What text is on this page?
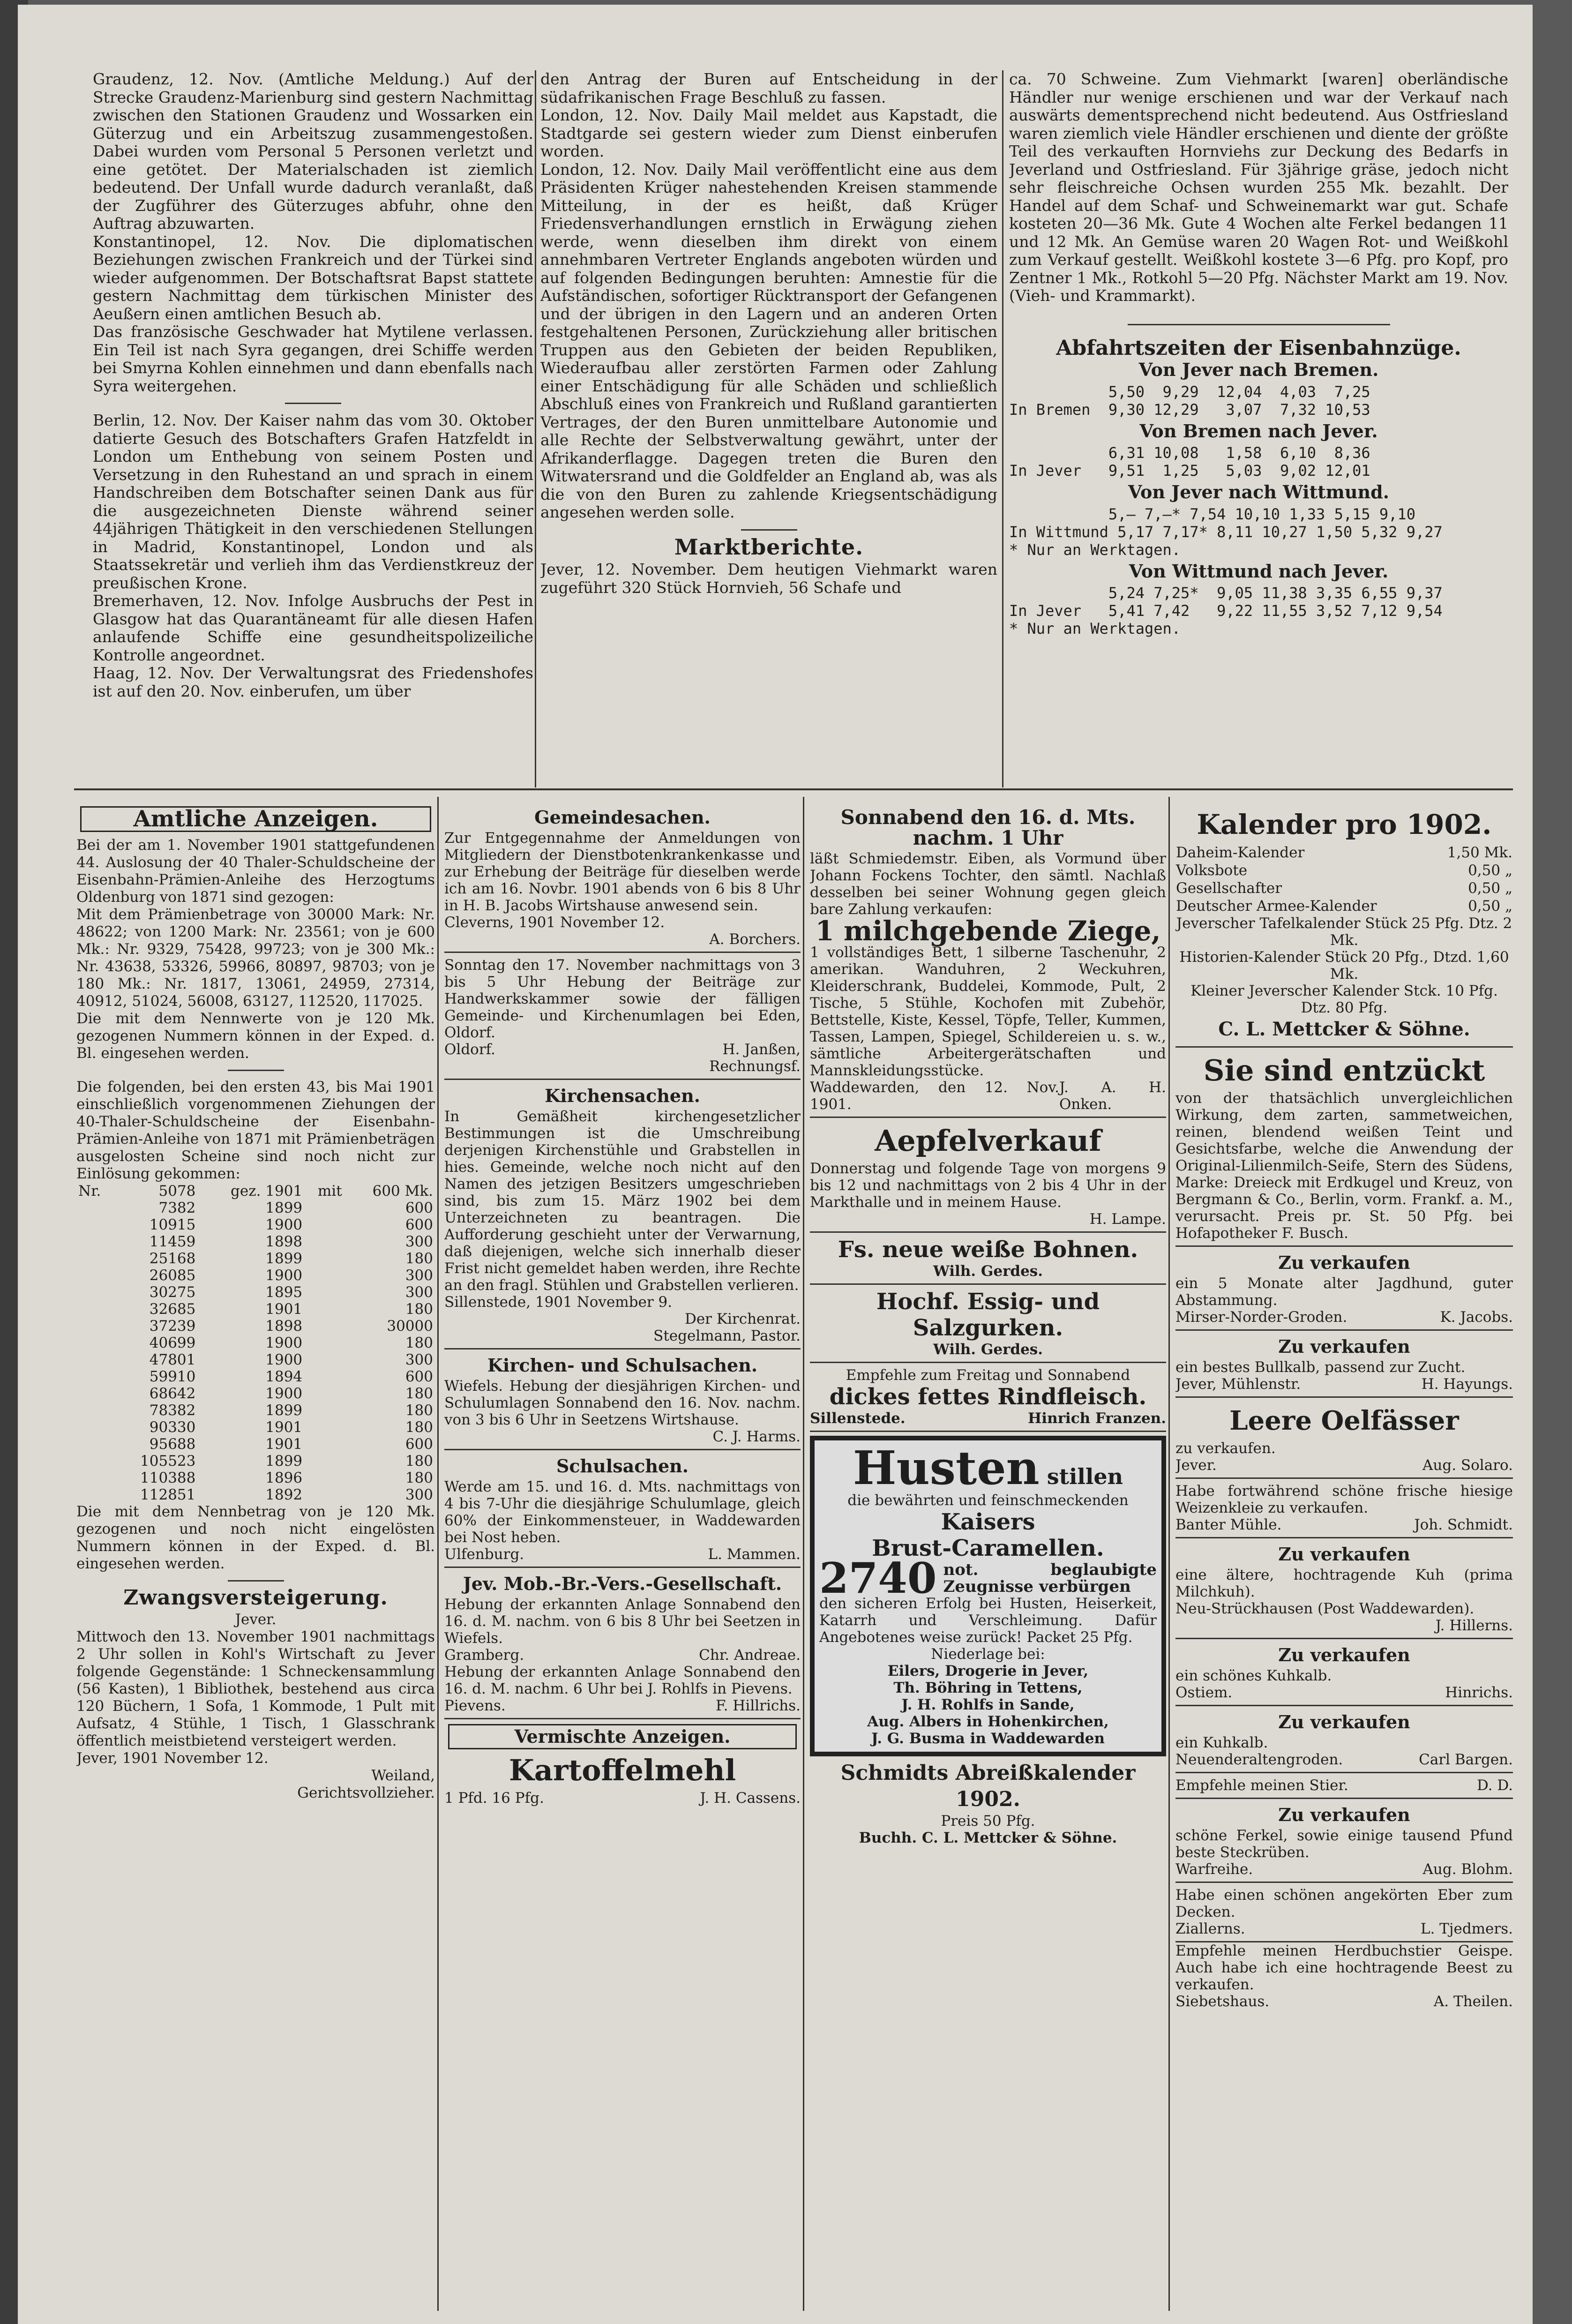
Graudenz, 12. Nov. (Amtliche Meldung.) Auf der Strecke Graudenz-Marienburg sind gestern Nachmittag zwischen den Stationen Graudenz und Wossarken ein Güterzug und ein Arbeitszug zusammengestoßen. Dabei wurden vom Personal 5 Personen verletzt und eine getötet. Der Materialschaden ist ziemlich bedeutend. Der Unfall wurde dadurch veranlaßt, daß der Zugführer des Güterzuges abfuhr, ohne den Auftrag abzuwarten.

Konstantinopel, 12. Nov. Die diplomatischen Beziehungen zwischen Frankreich und der Türkei sind wieder aufgenommen. Der Botschaftsrat Bapst stattete gestern Nachmittag dem türkischen Minister des Aeußern einen amtlichen Besuch ab.

Das französische Geschwader hat Mytilene verlassen. Ein Teil ist nach Syra gegangen, drei Schiffe werden bei Smyrna Kohlen einnehmen und dann ebenfalls nach Syra weitergehen.

Berlin, 12. Nov. Der Kaiser nahm das vom 30. Oktober datierte Gesuch des Botschafters Grafen Hatzfeldt in London um Enthebung von seinem Posten und Versetzung in den Ruhestand an und sprach in einem Handschreiben dem Botschafter seinen Dank aus für die ausgezeichneten Dienste während seiner 44jährigen Thätigkeit in den verschiedenen Stellungen in Madrid, Konstantinopel, London und als Staatssekretär und verlieh ihm das Verdienstkreuz der preußischen Krone.

Bremerhaven, 12. Nov. Infolge Ausbruchs der Pest in Glasgow hat das Quarantäneamt für alle diesen Hafen anlaufende Schiffe eine gesundheitspolizeiliche Kontrolle angeordnet.

Haag, 12. Nov. Der Verwaltungsrat des Friedenshofes ist auf den 20. Nov. einberufen, um über

den Antrag der Buren auf Entscheidung in der südafrikanischen Frage Beschluß zu fassen.

London, 12. Nov. Daily Mail meldet aus Kapstadt, die Stadtgarde sei gestern wieder zum Dienst einberufen worden.

London, 12. Nov. Daily Mail veröffentlicht eine aus dem Präsidenten Krüger nahestehenden Kreisen stammende Mitteilung, in der es heißt, daß Krüger Friedensverhandlungen ernstlich in Erwägung ziehen werde, wenn dieselben ihm direkt von einem annehmbaren Vertreter Englands angeboten würden und auf folgenden Bedingungen beruhten: Amnestie für die Aufständischen, sofortiger Rücktransport der Gefangenen und der übrigen in den Lagern und an anderen Orten festgehaltenen Personen, Zurückziehung aller britischen Truppen aus den Gebieten der beiden Republiken, Wiederaufbau aller zerstörten Farmen oder Zahlung einer Entschädigung für alle Schäden und schließlich Abschluß eines von Frankreich und Rußland garantierten Vertrages, der den Buren unmittelbare Autonomie und alle Rechte der Selbstverwaltung gewährt, unter der Afrikanderflagge. Dagegen treten die Buren den Witwatersrand und die Goldfelder an England ab, was als die von den Buren zu zahlende Kriegsentschädigung angesehen werden solle.

Marktberichte.

Jever, 12. November. Dem heutigen Viehmarkt waren zugeführt 320 Stück Hornvieh, 56 Schafe und

ca. 70 Schweine. Zum Viehmarkt [waren] oberländische Händler nur wenige erschienen und war der Verkauf nach auswärts dementsprechend nicht bedeutend. Aus Ostfriesland waren ziemlich viele Händler erschienen und diente der größte Teil des verkauften Hornviehs zur Deckung des Bedarfs in Jeverland und Ostfriesland. Für 3jährige gräse, jedoch nicht sehr fleischreiche Ochsen wurden 255 Mk. bezahlt. Der Handel auf dem Schaf- und Schweinemarkt war gut. Schafe kosteten 20—36 Mk. Gute 4 Wochen alte Ferkel bedangen 11 und 12 Mk. An Gemüse waren 20 Wagen Rot- und Weißkohl zum Verkauf gestellt. Weißkohl kostete 3—6 Pfg. pro Kopf, pro Zentner 1 Mk., Rotkohl 5—20 Pfg. Nächster Markt am 19. Nov. (Vieh- und Krammarkt).

Abfahrtszeiten der Eisenbahnzüge.
Von Jever nach Bremen.
5,50  9,29  12,04  4,03  7,25
In Bremen  9,30 12,29   3,07  7,32 10,53
Von Bremen nach Jever.
6,31 10,08   1,58  6,10  8,36
In Jever   9,51  1,25   5,03  9,02 12,01
Von Jever nach Wittmund.
5,— 7,—* 7,54 10,10 1,33 5,15 9,10
In Wittmund 5,17 7,17* 8,11 10,27 1,50 5,32 9,27
* Nur an Werktagen.
Von Wittmund nach Jever.
5,24 7,25*  9,05 11,38 3,35 6,55 9,37
In Jever   5,41 7,42   9,22 11,55 3,52 7,12 9,54
* Nur an Werktagen.
Amtliche Anzeigen.

Bei der am 1. November 1901 stattgefundenen 44. Auslosung der 40 Thaler-Schuldscheine der Eisenbahn-Prämien-Anleihe des Herzogtums Oldenburg von 1871 sind gezogen:

Mit dem Prämienbetrage von 30000 Mark: Nr. 48622; von 1200 Mark: Nr. 23561; von je 600 Mk.: Nr. 9329, 75428, 99723; von je 300 Mk.: Nr. 43638, 53326, 59966, 80897, 98703; von je 180 Mk.: Nr. 1817, 13061, 24959, 27314, 40912, 51024, 56008, 63127, 112520, 117025.

Die mit dem Nennwerte von je 120 Mk. gezogenen Nummern können in der Exped. d. Bl. eingesehen werden.

Die folgenden, bei den ersten 43, bis Mai 1901 einschließlich vorgenommenen Ziehungen der 40-Thaler-Schuldscheine der Eisenbahn-Prämien-Anleihe von 1871 mit Prämienbeträgen ausgelosten Scheine sind noch nicht zur Einlösung gekommen:

Nr.	5078	gez. 1901	mit	600 Mk.
	7382	1899		600
	10915	1900		600
	11459	1898		300
	25168	1899		180
	26085	1900		300
	30275	1895		300
	32685	1901		180
	37239	1898		30000
	40699	1900		180
	47801	1900		300
	59910	1894		600
	68642	1900		180
	78382	1899		180
	90330	1901		180
	95688	1901		600
	105523	1899		180
	110388	1896		180
	112851	1892		300

Die mit dem Nennbetrag von je 120 Mk. gezogenen und noch nicht eingelösten Nummern können in der Exped. d. Bl. eingesehen werden.

Zwangsversteigerung.
Jever.

Mittwoch den 13. November 1901 nachmittags 2 Uhr sollen in Kohl's Wirtschaft zu Jever folgende Gegenstände: 1 Schneckensammlung (56 Kasten), 1 Bibliothek, bestehend aus circa 120 Büchern, 1 Sofa, 1 Kommode, 1 Pult mit Aufsatz, 4 Stühle, 1 Tisch, 1 Glasschrank öffentlich meistbietend versteigert werden.

Jever, 1901 November 12.

Weiland,
Gerichtsvollzieher.
Gemeindesachen.

Zur Entgegennahme der Anmeldungen von Mitgliedern der Dienstbotenkrankenkasse und zur Erhebung der Beiträge für dieselben werde ich am 16. Novbr. 1901 abends von 6 bis 8 Uhr in H. B. Jacobs Wirtshause anwesend sein.

Cleverns, 1901 November 12.
A. Borchers.

Sonntag den 17. November nachmittags von 3 bis 5 Uhr Hebung der Beiträge zur Handwerkskammer sowie der fälligen Gemeinde- und Kirchenumlagen bei Eden, Oldorf.

Oldorf.	H. Janßen,
Rechnungsf.
Kirchensachen.

In Gemäßheit kirchengesetzlicher Bestimmungen ist die Umschreibung derjenigen Kirchenstühle und Grabstellen in hies. Gemeinde, welche noch nicht auf den Namen des jetzigen Besitzers umgeschrieben sind, bis zum 15. März 1902 bei dem Unterzeichneten zu beantragen. Die Aufforderung geschieht unter der Verwarnung, daß diejenigen, welche sich innerhalb dieser Frist nicht gemeldet haben werden, ihre Rechte an den fragl. Stühlen und Grabstellen verlieren.

Sillenstede, 1901 November 9.
Der Kirchenrat.
Stegelmann, Pastor.
Kirchen- und Schulsachen.

Wiefels. Hebung der diesjährigen Kirchen- und Schulumlagen Sonnabend den 16. Nov. nachm. von 3 bis 6 Uhr in Seetzens Wirtshause.

C. J. Harms.
Schulsachen.

Werde am 15. und 16. d. Mts. nachmittags von 4 bis 7-Uhr die diesjährige Schulumlage, gleich 60% der Einkommensteuer, in Waddewarden bei Nost heben.

Ulfenburg.	L. Mammen.
Jev. Mob.-Br.-Vers.-Gesellschaft.

Hebung der erkannten Anlage Sonnabend den 16. d. M. nachm. von 6 bis 8 Uhr bei Seetzen in Wiefels.

Gramberg.	Chr. Andreae.

Hebung der erkannten Anlage Sonnabend den 16. d. M. nachm. 6 Uhr bei J. Rohlfs in Pievens.

Pievens.	F. Hillrichs.
Vermischte Anzeigen.
Kartoffelmehl
1 Pfd. 16 Pfg.	J. H. Cassens.
Sonnabend den 16. d. Mts.
nachm. 1 Uhr

läßt Schmiedemstr. Eiben, als Vormund über Johann Fockens Tochter, den sämtl. Nachlaß desselben bei seiner Wohnung gegen gleich bare Zahlung verkaufen:

1 milchgebende Ziege,

1 vollständiges Bett, 1 silberne Taschenuhr, 2 amerikan. Wanduhren, 2 Weckuhren, Kleiderschrank, Buddelei, Kommode, Pult, 2 Tische, 5 Stühle, Kochofen mit Zubehör, Bettstelle, Kiste, Kessel, Töpfe, Teller, Kummen, Tassen, Lampen, Spiegel, Schildereien u. s. w., sämtliche Arbeitergerätschaften und Mannskleidungsstücke.

Waddewarden, den 12. Nov. 1901.
J. A. H. Onken.
Aepfelverkauf

Donnerstag und folgende Tage von morgens 9 bis 12 und nachmittags von 2 bis 4 Uhr in der Markthalle und in meinem Hause.

H. Lampe.
Fs. neue weiße Bohnen.
Wilh. Gerdes.
Hochf. Essig- und Salzgurken.
Wilh. Gerdes.
Empfehle zum Freitag und Sonnabend
dickes fettes Rindfleisch.
Sillenstede.	Hinrich Franzen.
Husten stillen
die bewährten und feinschmeckenden
Kaisers
Brust-Caramellen.
2740 not. beglaubigte Zeugnisse verbürgen

den sicheren Erfolg bei Husten, Heiserkeit, Katarrh und Verschleimung. Dafür Angebotenes weise zurück! Packet 25 Pfg.

Niederlage bei:
Eilers, Drogerie in Jever,
Th. Böhring in Tettens,
J. H. Rohlfs in Sande,
Aug. Albers in Hohenkirchen,
J. G. Busma in Waddewarden
Schmidts Abreißkalender 1902.
Preis 50 Pfg.
Buchh. C. L. Mettcker & Söhne.
Kalender pro 1902.
Daheim-Kalender	1,50 Mk.
Volksbote	0,50 „
Gesellschafter	0,50 „
Deutscher Armee-Kalender	0,50 „
Jeverscher Tafelkalender Stück 25 Pfg. Dtz. 2 Mk.
Historien-Kalender Stück 20 Pfg., Dtzd. 1,60 Mk.
Kleiner Jeverscher Kalender Stck. 10 Pfg. Dtz. 80 Pfg.
C. L. Mettcker & Söhne.
Sie sind entzückt

von der thatsächlich unvergleichlichen Wirkung, dem zarten, sammetweichen, reinen, blendend weißen Teint und Gesichtsfarbe, welche die Anwendung der Original-Lilienmilch-Seife, Stern des Südens, Marke: Dreieck mit Erdkugel und Kreuz, von Bergmann & Co., Berlin, vorm. Frankf. a. M., verursacht. Preis pr. St. 50 Pfg. bei Hofapotheker F. Busch.

Zu verkaufen

ein 5 Monate alter Jagdhund, guter Abstammung.

Mirser-Norder-Groden.	K. Jacobs.
Zu verkaufen

ein bestes Bullkalb, passend zur Zucht.

Jever, Mühlenstr.	H. Hayungs.
Leere Oelfässer

zu verkaufen.

Jever.	Aug. Solaro.

Habe fortwährend schöne frische hiesige Weizenkleie zu verkaufen.

Banter Mühle.	Joh. Schmidt.
Zu verkaufen

eine ältere, hochtragende Kuh (prima Milchkuh).

Neu-Strückhausen (Post Waddewarden).
J. Hillerns.
Zu verkaufen

ein schönes Kuhkalb.

Ostiem.	Hinrichs.
Zu verkaufen

ein Kuhkalb.

Neuenderaltengroden.	Carl Bargen.
Empfehle meinen Stier.	D. D.
Zu verkaufen

schöne Ferkel, sowie einige tausend Pfund beste Steckrüben.

Warfreihe.	Aug. Blohm.

Habe einen schönen angekörten Eber zum Decken.

Ziallerns.	L. Tjedmers.

Empfehle meinen Herdbuchstier Geispe. Auch habe ich eine hochtragende Beest zu verkaufen.

Siebetshaus.	A. Theilen.
